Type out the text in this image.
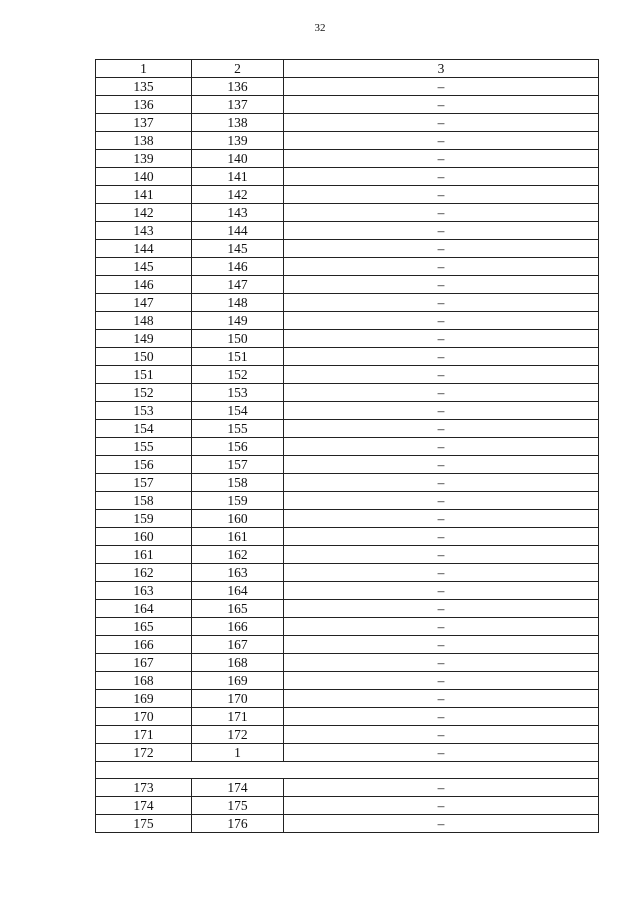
32
1	2	3
135	136	–
136	137	–
137	138	–
138	139	–
139	140	–
140	141	–
141	142	–
142	143	–
143	144	–
144	145	–
145	146	–
146	147	–
147	148	–
148	149	–
149	150	–
150	151	–
151	152	–
152	153	–
153	154	–
154	155	–
155	156	–
156	157	–
157	158	–
158	159	–
159	160	–
160	161	–
161	162	–
162	163	–
163	164	–
164	165	–
165	166	–
166	167	–
167	168	–
168	169	–
169	170	–
170	171	–
171	172	–
172	1	–

173	174	–
174	175	–
175	176	–
